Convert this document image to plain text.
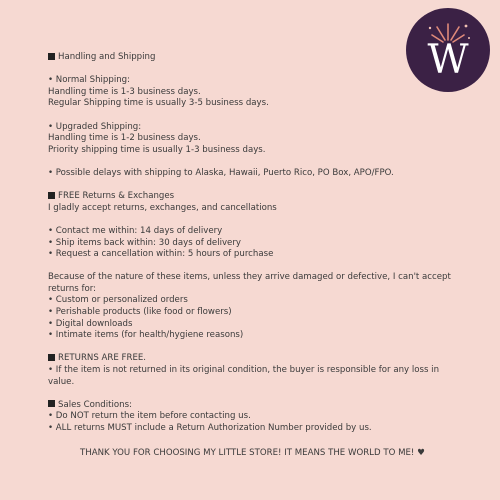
W
Handling and Shipping
• Normal Shipping:
Handling time is 1-3 business days.
Regular Shipping time is usually 3-5 business days.
• Upgraded Shipping:
Handling time is 1-2 business days.
Priority shipping time is usually 1-3 business days.
• Possible delays with shipping to Alaska, Hawaii, Puerto Rico, PO Box, APO/FPO.
FREE Returns & Exchanges
I gladly accept returns, exchanges, and cancellations
• Contact me within: 14 days of delivery
• Ship items back within: 30 days of delivery
• Request a cancellation within: 5 hours of purchase
Because of the nature of these items, unless they arrive damaged or defective, I can't accept returns for:
• Custom or personalized orders
• Perishable products (like food or flowers)
• Digital downloads
• Intimate items (for health/hygiene reasons)
RETURNS ARE FREE.
• If the item is not returned in its original condition, the buyer is responsible for any loss in value.
Sales Conditions:
• Do NOT return the item before contacting us.
• ALL returns MUST include a Return Authorization Number provided by us.
THANK YOU FOR CHOOSING MY LITTLE STORE! IT MEANS THE WORLD TO ME! ♥
